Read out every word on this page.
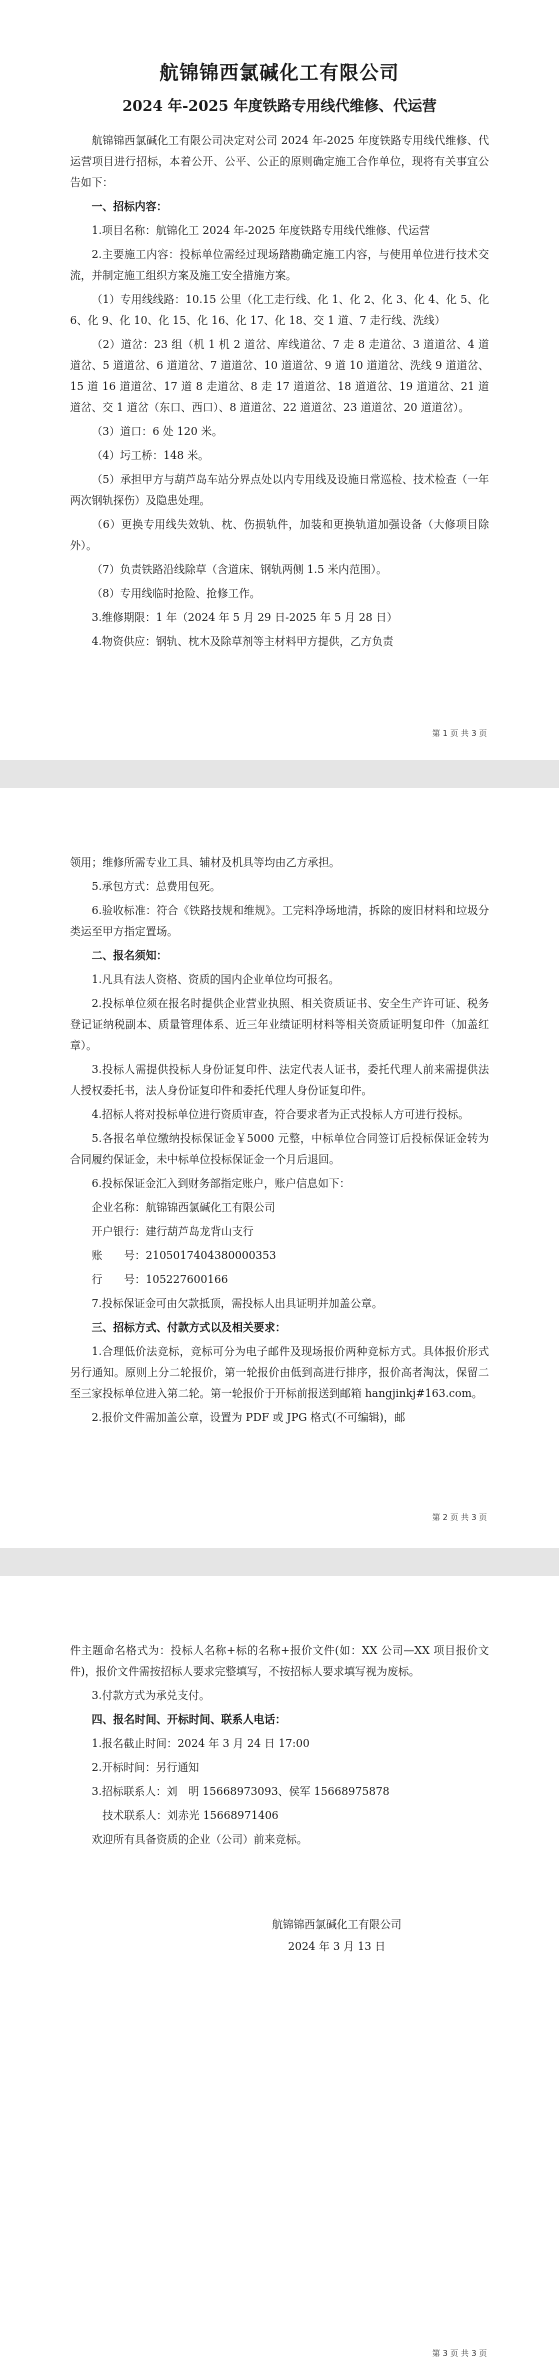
航锦锦西氯碱化工有限公司
2024 年-2025 年度铁路专用线代维修、代运营

航锦锦西氯碱化工有限公司决定对公司 2024 年-2025 年度铁路专用线代维修、代运营项目进行招标，本着公开、公平、公正的原则确定施工合作单位，现将有关事宜公告如下：

一、招标内容：

1.项目名称：航锦化工 2024 年-2025 年度铁路专用线代维修、代运营

2.主要施工内容：投标单位需经过现场踏勘确定施工内容，与使用单位进行技术交流，并制定施工组织方案及施工安全措施方案。

（1）专用线线路：10.15 公里（化工走行线、化 1、化 2、化 3、化 4、化 5、化 6、化 9、化 10、化 15、化 16、化 17、化 18、交 1 道、7 走行线、洗线）

（2）道岔：23 组（机 1 机 2 道岔、库线道岔、7 走 8 走道岔、3 道道岔、4 道道岔、5 道道岔、6 道道岔、7 道道岔、10 道道岔、9 道 10 道道岔、洗线 9 道道岔、15 道 16 道道岔、17 道 8 走道岔、8 走 17 道道岔、18 道道岔、19 道道岔、21 道道岔、交 1 道岔（东口、西口）、8 道道岔、22 道道岔、23 道道岔、20 道道岔）。

（3）道口：6 处 120 米。

（4）圬工桥：148 米。

（5）承担甲方与葫芦岛车站分界点处以内专用线及设施日常巡检、技术检查（一年两次钢轨探伤）及隐患处理。

（6）更换专用线失效轨、枕、伤损轨件，加装和更换轨道加强设备（大修项目除外）。

（7）负责铁路沿线除草（含道床、钢轨两侧 1.5 米内范围）。

（8）专用线临时抢险、抢修工作。

3.维修期限：1 年（2024 年 5 月 29 日-2025 年 5 月 28 日）

4.物资供应：钢轨、枕木及除草剂等主材料甲方提供，乙方负责

第 1 页 共 3 页

领用；维修所需专业工具、辅材及机具等均由乙方承担。

5.承包方式：总费用包死。

6.验收标准：符合《铁路技规和维规》。工完料净场地清，拆除的废旧材料和垃圾分类运至甲方指定置场。

二、报名须知：

1.凡具有法人资格、资质的国内企业单位均可报名。

2.投标单位须在报名时提供企业营业执照、相关资质证书、安全生产许可证、税务登记证纳税副本、质量管理体系、近三年业绩证明材料等相关资质证明复印件（加盖红章）。

3.投标人需提供投标人身份证复印件、法定代表人证书，委托代理人前来需提供法人授权委托书，法人身份证复印件和委托代理人身份证复印件。

4.招标人将对投标单位进行资质审查，符合要求者为正式投标人方可进行投标。

5.各报名单位缴纳投标保证金￥5000 元整，中标单位合同签订后投标保证金转为合同履约保证金，未中标单位投标保证金一个月后退回。

6.投标保证金汇入到财务部指定账户，账户信息如下：

企业名称：航锦锦西氯碱化工有限公司

开户银行：建行葫芦岛龙背山支行

账　　号：2105017404380000353

行　　号：105227600166

7.投标保证金可由欠款抵顶，需投标人出具证明并加盖公章。

三、招标方式、付款方式以及相关要求：

1.合理低价法竞标，竞标可分为电子邮件及现场报价两种竞标方式。具体报价形式另行通知。原则上分二轮报价，第一轮报价由低到高进行排序，报价高者淘汰，保留二至三家投标单位进入第二轮。第一轮报价于开标前报送到邮箱 hangjinkj#163.com。

2.报价文件需加盖公章，设置为 PDF 或 JPG 格式(不可编辑)，邮

第 2 页 共 3 页

件主题命名格式为：投标人名称+标的名称+报价文件(如：XX 公司—XX 项目报价文件)，报价文件需按招标人要求完整填写，不按招标人要求填写视为废标。

3.付款方式为承兑支付。

四、报名时间、开标时间、联系人电话：

1.报名截止时间：2024 年 3 月 24 日 17:00

2.开标时间：另行通知

3.招标联系人：刘　明 15668973093、侯军 15668975878

　技术联系人：刘赤光 15668971406

欢迎所有具备资质的企业（公司）前来竞标。

航锦锦西氯碱化工有限公司
2024 年 3 月 13 日
第 3 页 共 3 页
